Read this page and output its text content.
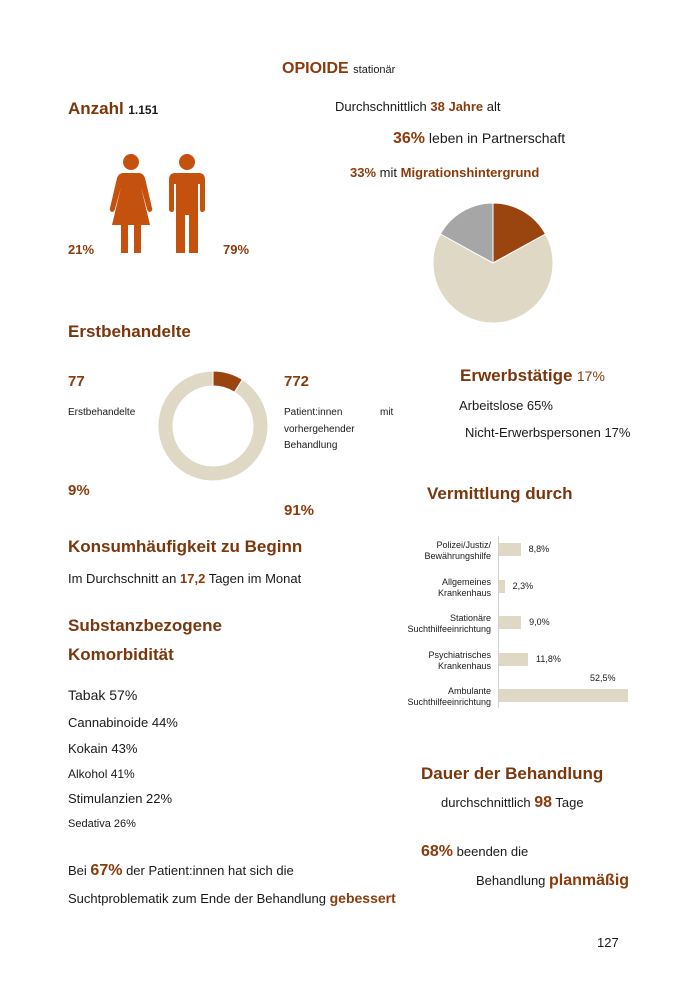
OPIOIDE stationär
Anzahl 1.151
21%	79%
Durchschnittlich 38 Jahre alt
36% leben in Partnerschaft
33% mit Migrationshintergrund
Erstbehandelte
77
Erstbehandelte
9%
772
Patient:innen	mit
vorhergehender
Behandlung
91%
Erwerbstätige 17%
Arbeitslose 65%
Nicht-Erwerbspersonen 17%
Vermittlung durch
Polizei/Justiz/
Bewährungshilfe
8,8%
Allgemeines
Krankenhaus
2,3%
Stationäre
Suchthilfeeinrichtung
9,0%
Psychiatrisches
Krankenhaus
11,8%
Ambulante
Suchthilfeeinrichtung
52,5%
Konsumhäufigkeit zu Beginn
Im Durchschnitt an 17,2 Tagen im Monat
Substanzbezogene
Komorbidität
Tabak 57%
Cannabinoide 44%
Kokain 43%
Alkohol 41%
Stimulanzien 22%
Sedativa 26%
Dauer der Behandlung
durchschnittlich 98 Tage
68% beenden die
Behandlung planmäßig
Bei 67% der Patient:innen hat sich die
Suchtproblematik zum Ende der Behandlung gebessert
127
